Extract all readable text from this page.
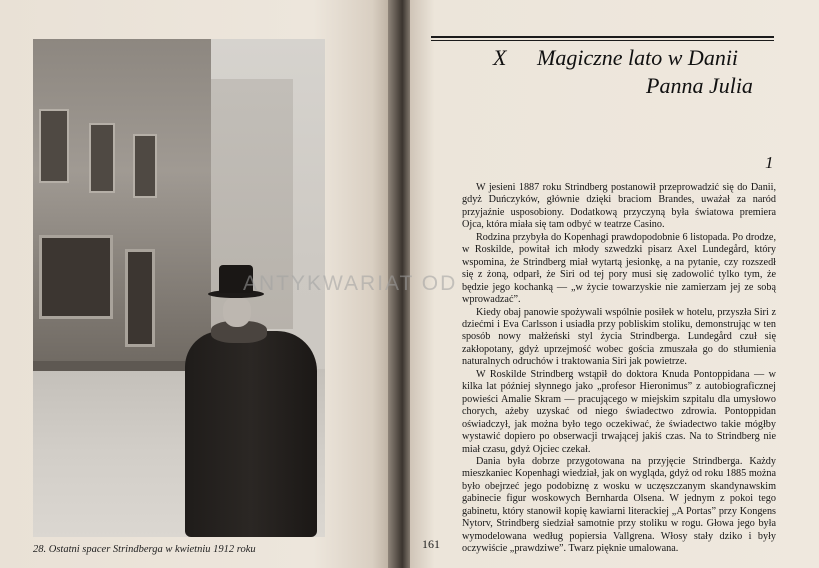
28. Ostatni spacer Strindberga w kwietniu 1912 roku
ANTYKWARIAT OD
X Magiczne lato w Danii
Panna Julia
1

W jesieni 1887 roku Strindberg postanowił przeprowadzić się do Danii, gdyż Duńczyków, głównie dzięki braciom Brandes, uważał za naród przyjaźnie usposobiony. Dodatkową przyczyną była światowa premiera Ojca, która miała się tam odbyć w teatrze Casino.

Rodzina przybyła do Kopenhagi prawdopodobnie 6 listopada. Po drodze, w Roskilde, powitał ich młody szwedzki pisarz Axel Lundegård, który wspomina, że Strindberg miał wytartą jesionkę, a na pytanie, czy rozszedł się z żoną, odparł, że Siri od tej pory musi się zadowolić tylko tym, że będzie jego kochanką — „w życie towarzyskie nie zamierzam jej ze sobą wprowadzać”.

Kiedy obaj panowie spożywali wspólnie posiłek w hotelu, przyszła Siri z dziećmi i Eva Carlsson i usiadła przy pobliskim stoliku, demonstrując w ten sposób nowy małżeński styl życia Strindberga. Lundegård czuł się zakłopotany, gdyż uprzejmość wobec gościa zmuszała go do stłumienia naturalnych odruchów i traktowania Siri jak powietrze.

W Roskilde Strindberg wstąpił do doktora Knuda Pontoppidana — w kilka lat później słynnego jako „profesor Hieronimus” z autobiograficznej powieści Amalie Skram — pracującego w miejskim szpitalu dla umysłowo chorych, ażeby uzyskać od niego świadectwo zdrowia. Pontoppidan oświadczył, jak można było tego oczekiwać, że świadectwo takie mógłby wystawić dopiero po obserwacji trwającej jakiś czas. Na to Strindberg nie miał czasu, gdyż Ojciec czekał.

Dania była dobrze przygotowana na przyjęcie Strindberga. Każdy mieszkaniec Kopenhagi wiedział, jak on wygląda, gdyż od roku 1885 można było obejrzeć jego podobiznę z wosku w uczęszczanym skandynawskim gabinecie figur woskowych Bernharda Olsena. W jednym z pokoi tego gabinetu, który stanowił kopię kawiarni literackiej „A Portas” przy Kongens Nytorv, Strindberg siedział samotnie przy stoliku w rogu. Głowa jego była wymodelowana według popiersia Vallgrena. Włosy stały dziko i były oczywiście „prawdziwe”. Twarz pięknie umalowana.

161
